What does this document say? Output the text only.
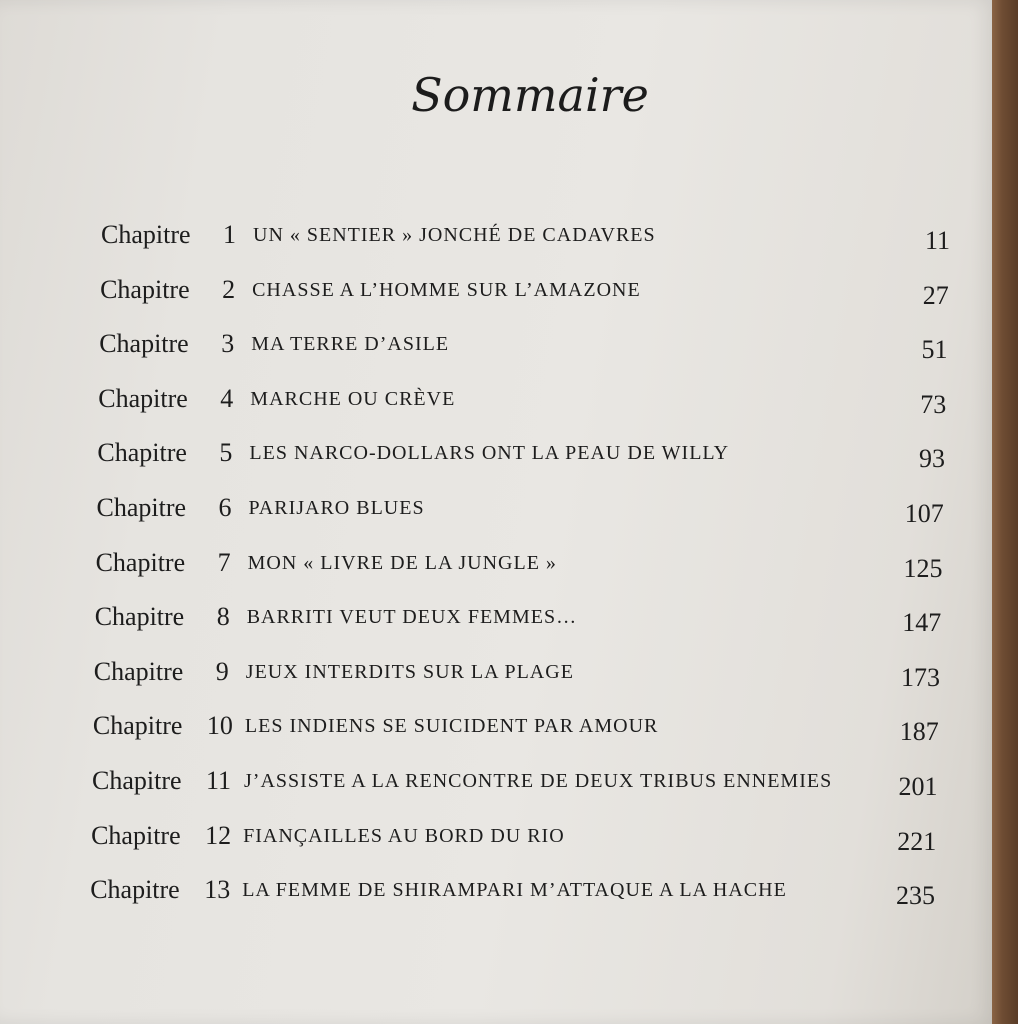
Sommaire
Chapitre 1 UN « SENTIER » JONCHÉ DE CADAVRES	11
Chapitre 2 CHASSE A L’HOMME SUR L’AMAZONE	27
Chapitre 3 MA TERRE D’ASILE	51
Chapitre 4 MARCHE OU CRÈVE	73
Chapitre 5 LES NARCO-DOLLARS ONT LA PEAU DE WILLY	93
Chapitre 6 PARIJARO BLUES	107
Chapitre 7 MON « LIVRE DE LA JUNGLE »	125
Chapitre 8 BARRITI VEUT DEUX FEMMES…	147
Chapitre 9 JEUX INTERDITS SUR LA PLAGE	173
Chapitre 10 LES INDIENS SE SUICIDENT PAR AMOUR	187
Chapitre 11 J’ASSISTE A LA RENCONTRE DE DEUX TRIBUS ENNEMIES	201
Chapitre 12 FIANÇAILLES AU BORD DU RIO	221
Chapitre 13 LA FEMME DE SHIRAMPARI M’ATTAQUE A LA HACHE	235
